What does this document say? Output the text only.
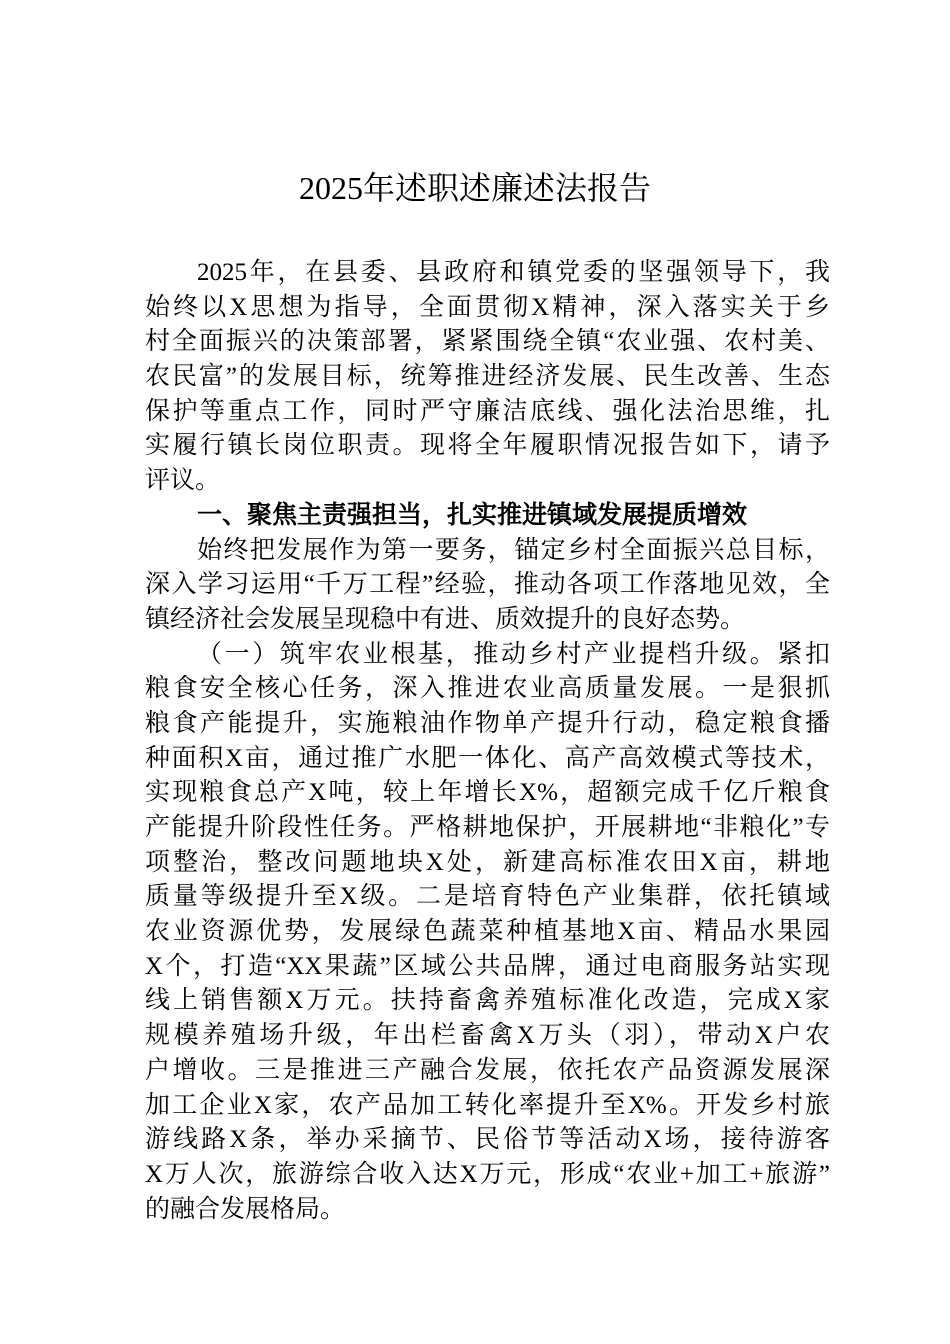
2025年述职述廉述法报告
2025年，在县委、县政府和镇党委的坚强领导下，我
始终以X思想为指导，全面贯彻X精神，深入落实关于乡
村全面振兴的决策部署，紧紧围绕全镇“农业强、农村美、
农民富”的发展目标，统筹推进经济发展、民生改善、生态
保护等重点工作，同时严守廉洁底线、强化法治思维，扎
实履行镇长岗位职责。现将全年履职情况报告如下，请予
评议。
一、聚焦主责强担当，扎实推进镇域发展提质增效
始终把发展作为第一要务，锚定乡村全面振兴总目标，
深入学习运用“千万工程”经验，推动各项工作落地见效，全
镇经济社会发展呈现稳中有进、质效提升的良好态势。
（一）筑牢农业根基，推动乡村产业提档升级。紧扣
粮食安全核心任务，深入推进农业高质量发展。一是狠抓
粮食产能提升，实施粮油作物单产提升行动，稳定粮食播
种面积X亩，通过推广水肥一体化、高产高效模式等技术，
实现粮食总产X吨，较上年增长X%，超额完成千亿斤粮食
产能提升阶段性任务。严格耕地保护，开展耕地“非粮化”专
项整治，整改问题地块X处，新建高标准农田X亩，耕地
质量等级提升至X级。二是培育特色产业集群，依托镇域
农业资源优势，发展绿色蔬菜种植基地X亩、精品水果园
X个，打造“XX果蔬”区域公共品牌，通过电商服务站实现
线上销售额X万元。扶持畜禽养殖标准化改造，完成X家
规模养殖场升级，年出栏畜禽X万头（羽），带动X户农
户增收。三是推进三产融合发展，依托农产品资源发展深
加工企业X家，农产品加工转化率提升至X%。开发乡村旅
游线路X条，举办采摘节、民俗节等活动X场，接待游客
X万人次，旅游综合收入达X万元，形成“农业+加工+旅游”
的融合发展格局。
